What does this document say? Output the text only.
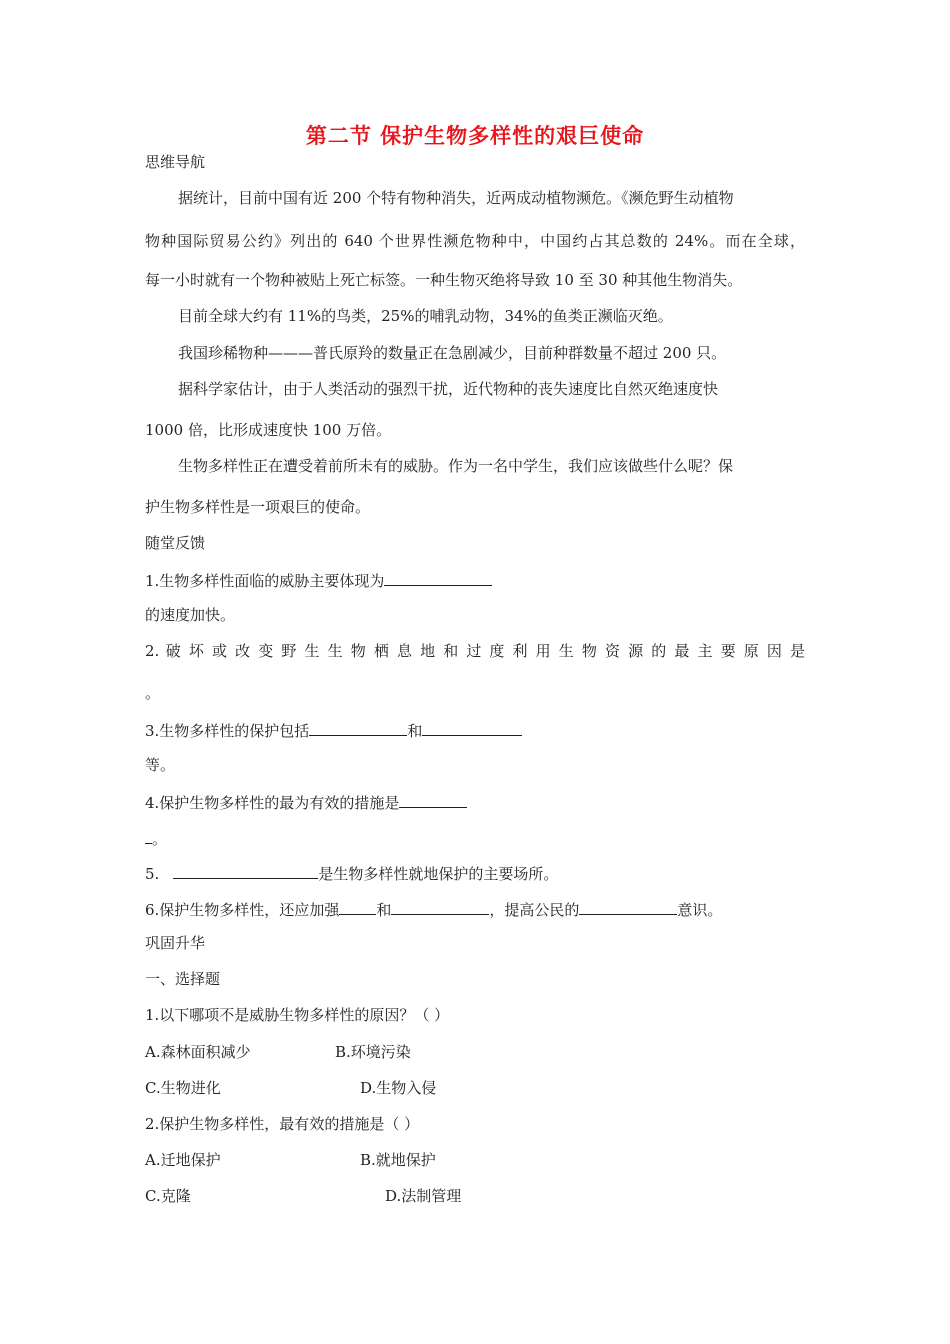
第二节 保护生物多样性的艰巨使命
思维导航
据统计，目前中国有近 200 个特有物种消失，近两成动植物濒危。《濒危野生动植物
物种国际贸易公约》列出的 640 个世界性濒危物种中，中国约占其总数的 24%。而在全球，
每一小时就有一个物种被贴上死亡标签。一种生物灭绝将导致 10 至 30 种其他生物消失。
目前全球大约有 11%的鸟类，25%的哺乳动物，34%的鱼类正濒临灭绝。
我国珍稀物种———普氏原羚的数量正在急剧减少，目前种群数量不超过 200 只。
据科学家估计，由于人类活动的强烈干扰，近代物种的丧失速度比自然灭绝速度快
1000 倍，比形成速度快 100 万倍。
生物多样性正在遭受着前所未有的威胁。作为一名中学生，我们应该做些什么呢？保
护生物多样性是一项艰巨的使命。
随堂反馈
1.生物多样性面临的威胁主要体现为
的速度加快。
2. 破 坏 或 改 变 野 生 生 物 栖 息 地 和 过 度 利 用 生 物 资 源 的 最 主 要 原 因 是
。
3.生物多样性的保护包括	和
等。
4.保护生物多样性的最为有效的措施是
。
5.	是生物多样性就地保护的主要场所。
6.保护生物多样性，还应加强 和	，提高公民的	意识。
巩固升华
一、选择题
1.以下哪项不是威胁生物多样性的原因？（ ）
A.森林面积减少	B.环境污染
C.生物进化	D.生物入侵
2.保护生物多样性，最有效的措施是（ ）
A.迁地保护	B.就地保护
C.克隆	D.法制管理
